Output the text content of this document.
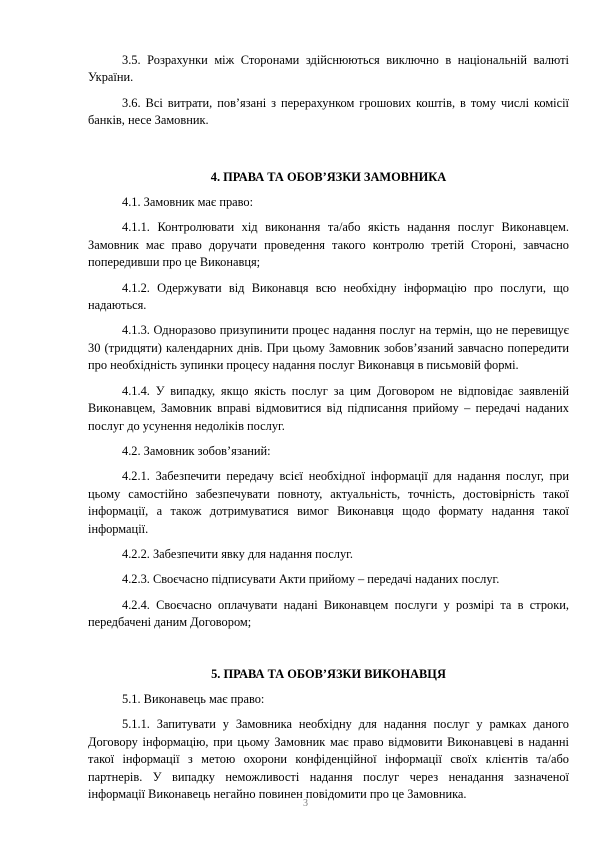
3.5. Розрахунки між Сторонами здійснюються виключно в національній валюті України.

3.6. Всі витрати, пов’язані з перерахунком грошових коштів, в тому числі комісії банків, несе Замовник.

4. ПРАВА ТА ОБОВ’ЯЗКИ ЗАМОВНИКА

4.1. Замовник має право:

4.1.1. Контролювати хід виконання та/або якість надання послуг Виконавцем. Замовник має право доручати проведення такого контролю третій Стороні, завчасно попередивши про це Виконавця;

4.1.2. Одержувати від Виконавця всю необхідну інформацію про послуги, що надаються.

4.1.3. Одноразово призупинити процес надання послуг на термін, що не перевищує 30 (тридцяти) календарних днів. При цьому Замовник зобов’язаний завчасно попередити про необхідність зупинки процесу надання послуг Виконавця в письмовій формі.

4.1.4. У випадку, якщо якість послуг за цим Договором не відповідає заявленій Виконавцем, Замовник вправі відмовитися від підписання прийому – передачі наданих послуг до усунення недоліків послуг.

4.2. Замовник зобов’язаний:

4.2.1. Забезпечити передачу всієї необхідної інформації для надання послуг, при цьому самостійно забезпечувати повноту, актуальність, точність, достовірність такої інформації, а також дотримуватися вимог Виконавця щодо формату надання такої інформації.

4.2.2. Забезпечити явку для надання послуг.

4.2.3. Своєчасно підписувати Акти прийому – передачі наданих послуг.

4.2.4. Своєчасно оплачувати надані Виконавцем послуги у розмірі та в строки, передбачені даним Договором;

5. ПРАВА ТА ОБОВ’ЯЗКИ ВИКОНАВЦЯ

5.1. Виконавець має право:

5.1.1. Запитувати у Замовника необхідну для надання послуг у рамках даного Договору інформацію, при цьому Замовник має право відмовити Виконавцеві в наданні такої інформації з метою охорони конфіденційної інформації своїх клієнтів та/або партнерів. У випадку неможливості надання послуг через ненадання зазначеної інформації Виконавець негайно повинен повідомити про це Замовника.

3
